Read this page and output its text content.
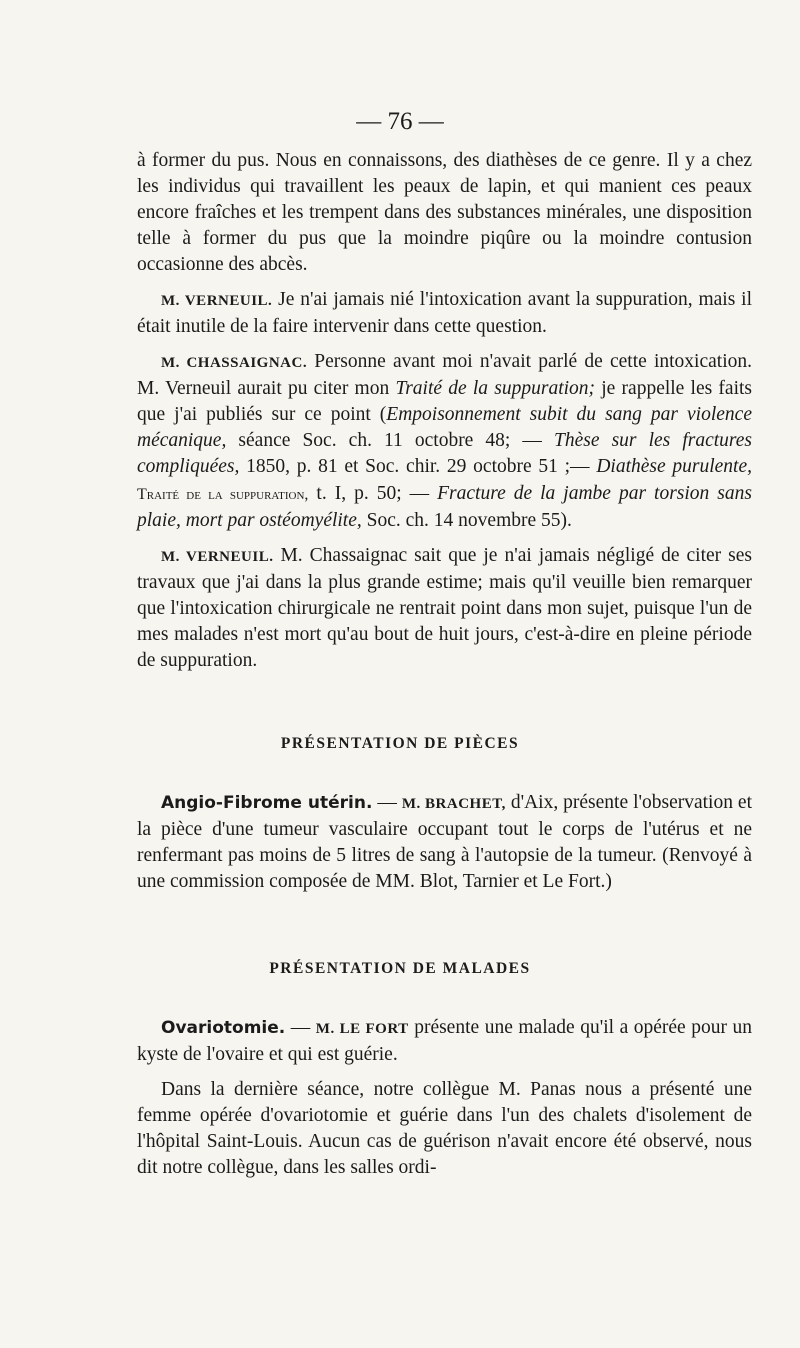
— 76 —

à former du pus. Nous en connaissons, des diathèses de ce genre. Il y a chez les individus qui travaillent les peaux de lapin, et qui manient ces peaux encore fraîches et les trempent dans des substances minérales, une disposition telle à former du pus que la moindre piqûre ou la moindre contusion occasionne des abcès.

M. VERNEUIL. Je n'ai jamais nié l'intoxication avant la suppuration, mais il était inutile de la faire intervenir dans cette question.

M. CHASSAIGNAC. Personne avant moi n'avait parlé de cette intoxication. M. Verneuil aurait pu citer mon Traité de la suppuration; je rappelle les faits que j'ai publiés sur ce point (Empoisonnement subit du sang par violence mécanique, séance Soc. ch. 11 octobre 48; — Thèse sur les fractures compliquées, 1850, p. 81 et Soc. chir. 29 octobre 51 ;— Diathèse purulente, Traité de la suppuration, t. I, p. 50; — Fracture de la jambe par torsion sans plaie, mort par ostéomyélite, Soc. ch. 14 novembre 55).

M. VERNEUIL. M. Chassaignac sait que je n'ai jamais négligé de citer ses travaux que j'ai dans la plus grande estime; mais qu'il veuille bien remarquer que l'intoxication chirurgicale ne rentrait point dans mon sujet, puisque l'un de mes malades n'est mort qu'au bout de huit jours, c'est-à-dire en pleine période de suppuration.

PRÉSENTATION DE PIÈCES

Angio-Fibrome utérin. — M. BRACHET, d'Aix, présente l'observation et la pièce d'une tumeur vasculaire occupant tout le corps de l'utérus et ne renfermant pas moins de 5 litres de sang à l'autopsie de la tumeur. (Renvoyé à une commission composée de MM. Blot, Tarnier et Le Fort.)

PRÉSENTATION DE MALADES

Ovariotomie. — M. LE FORT présente une malade qu'il a opérée pour un kyste de l'ovaire et qui est guérie.

Dans la dernière séance, notre collègue M. Panas nous a présenté une femme opérée d'ovariotomie et guérie dans l'un des chalets d'isolement de l'hôpital Saint-Louis. Aucun cas de guérison n'avait encore été observé, nous dit notre collègue, dans les salles ordi-
